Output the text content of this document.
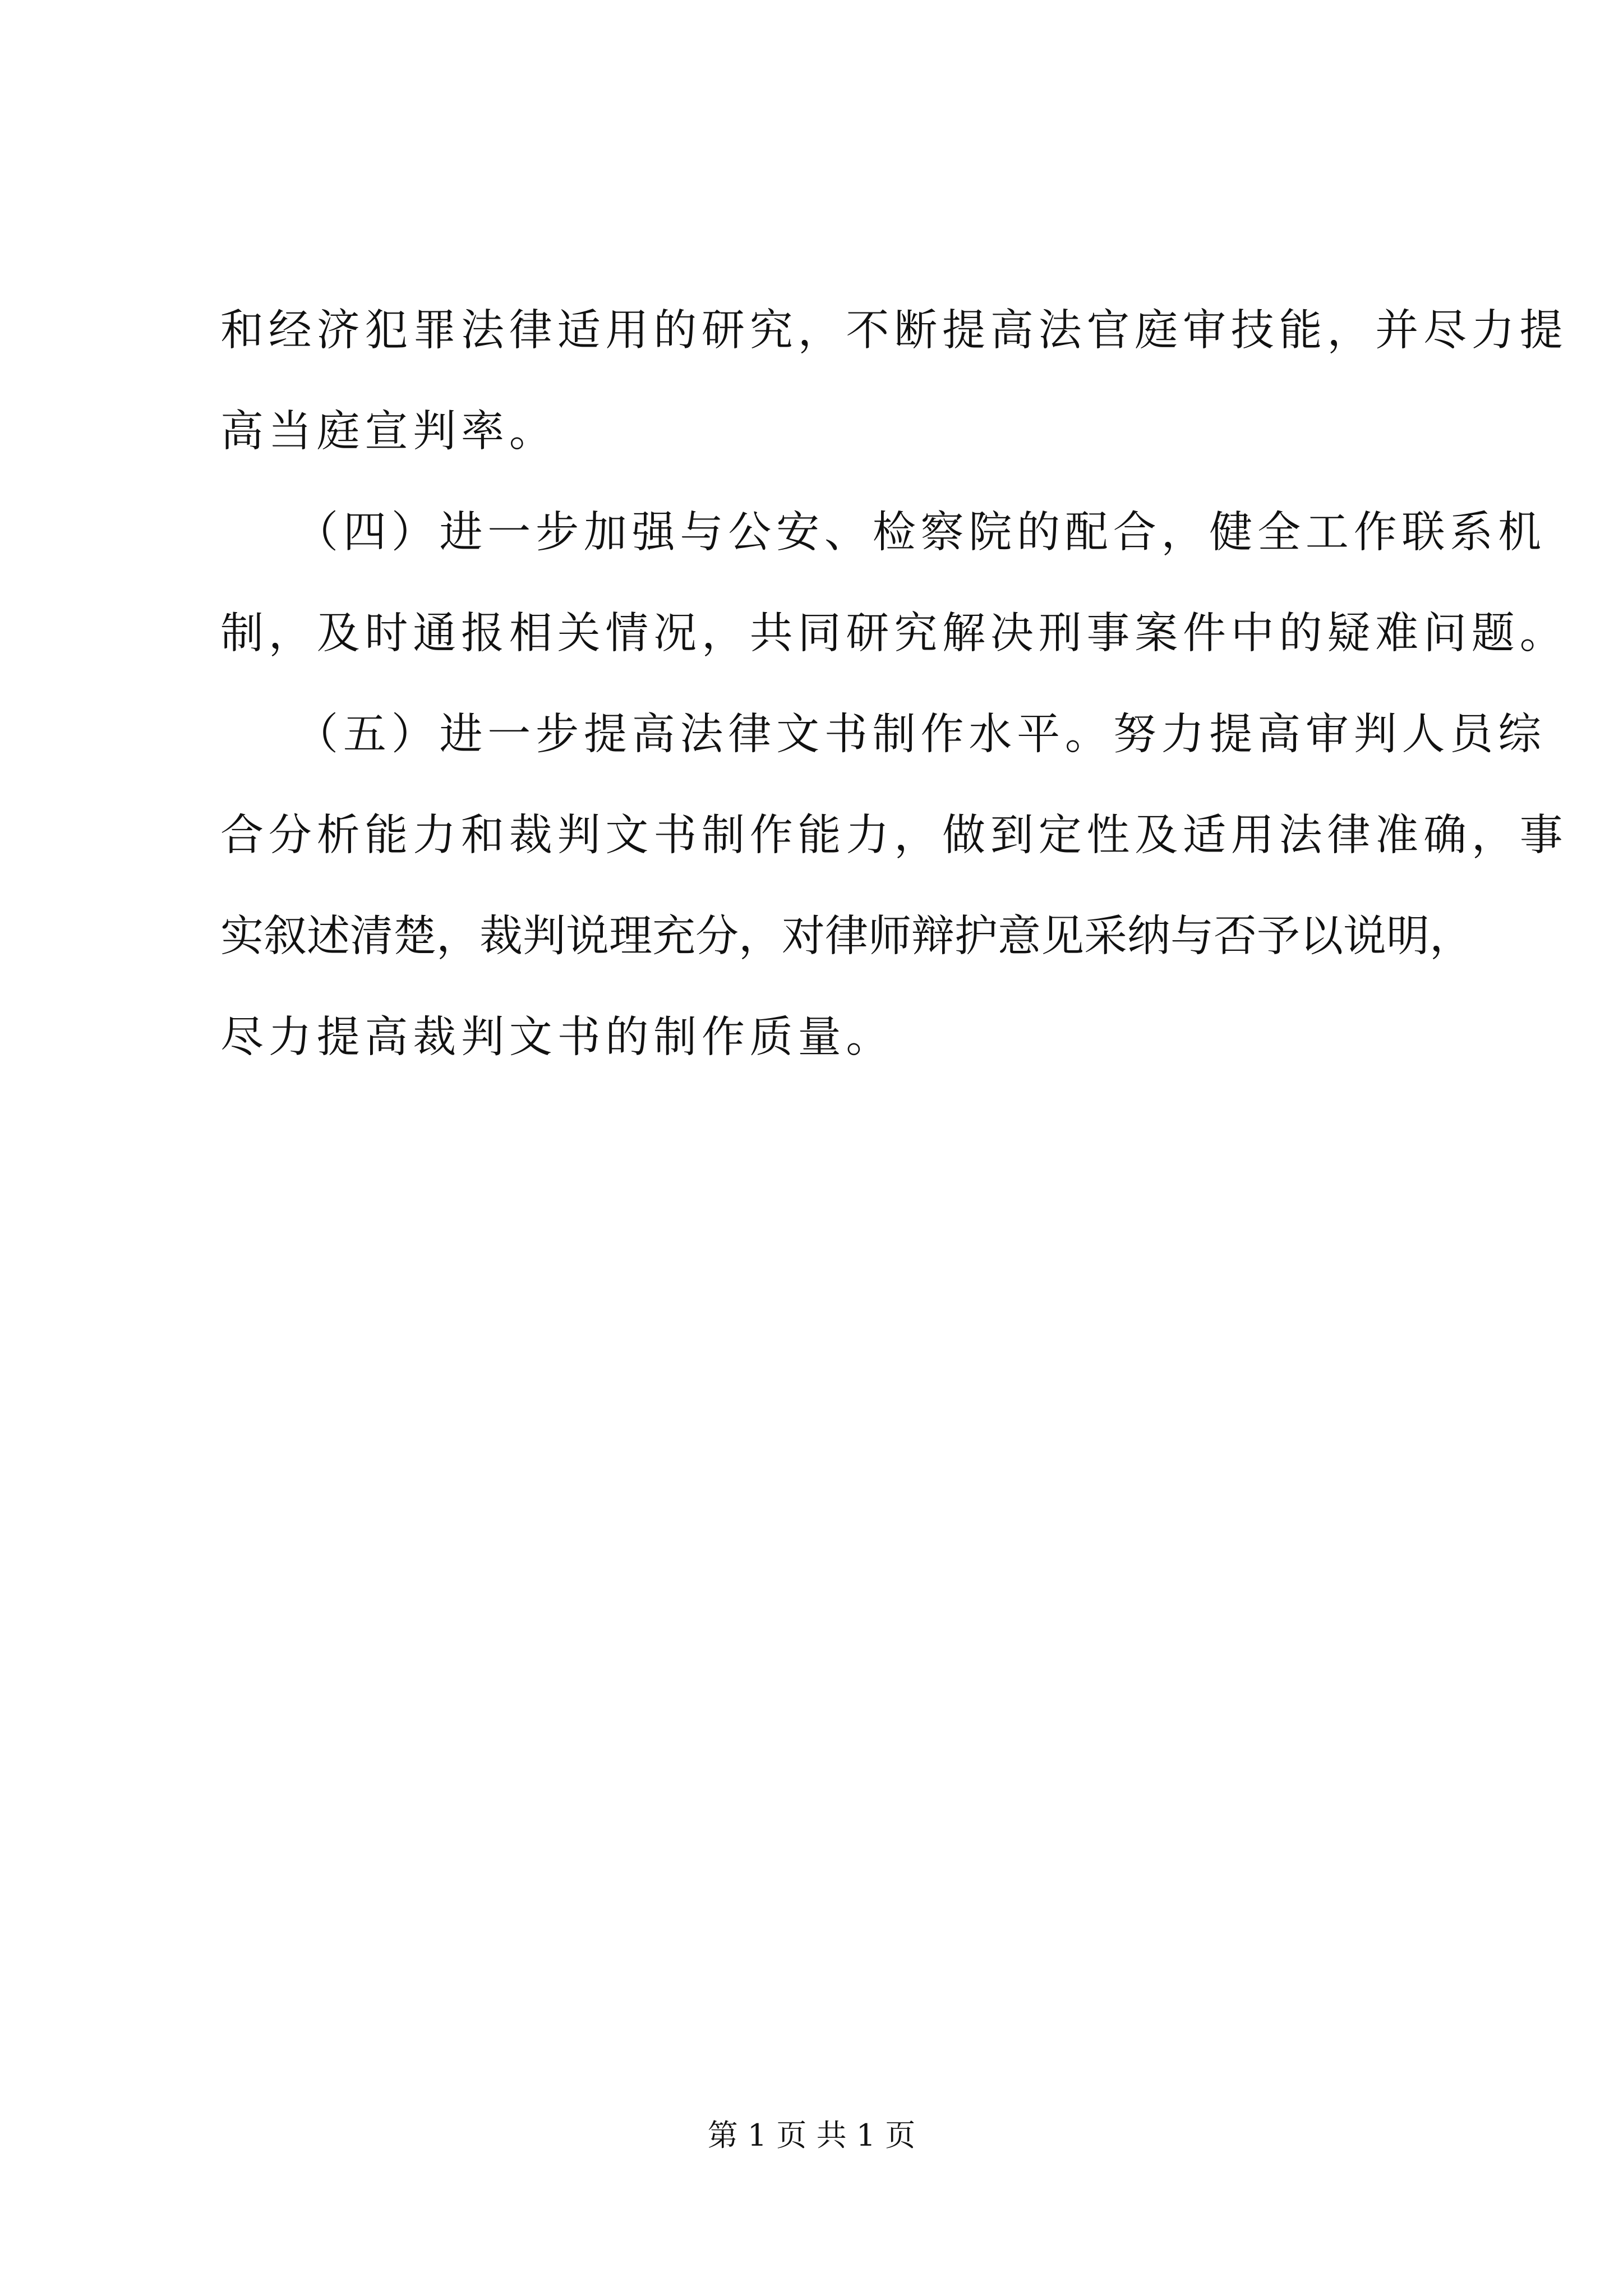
和经济犯罪法律适用的研究，不断提高法官庭审技能，并尽力提
高当庭宣判率。
　　（四）进一步加强与公安、检察院的配合，健全工作联系机
制，及时通报相关情况，共同研究解决刑事案件中的疑难问题。
　　（五）进一步提高法律文书制作水平。努力提高审判人员综
合分析能力和裁判文书制作能力，做到定性及适用法律准确，事
实叙述清楚，裁判说理充分，对律师辩护意见采纳与否予以说明，
尽力提高裁判文书的制作质量。
第 1 页 共 1 页
